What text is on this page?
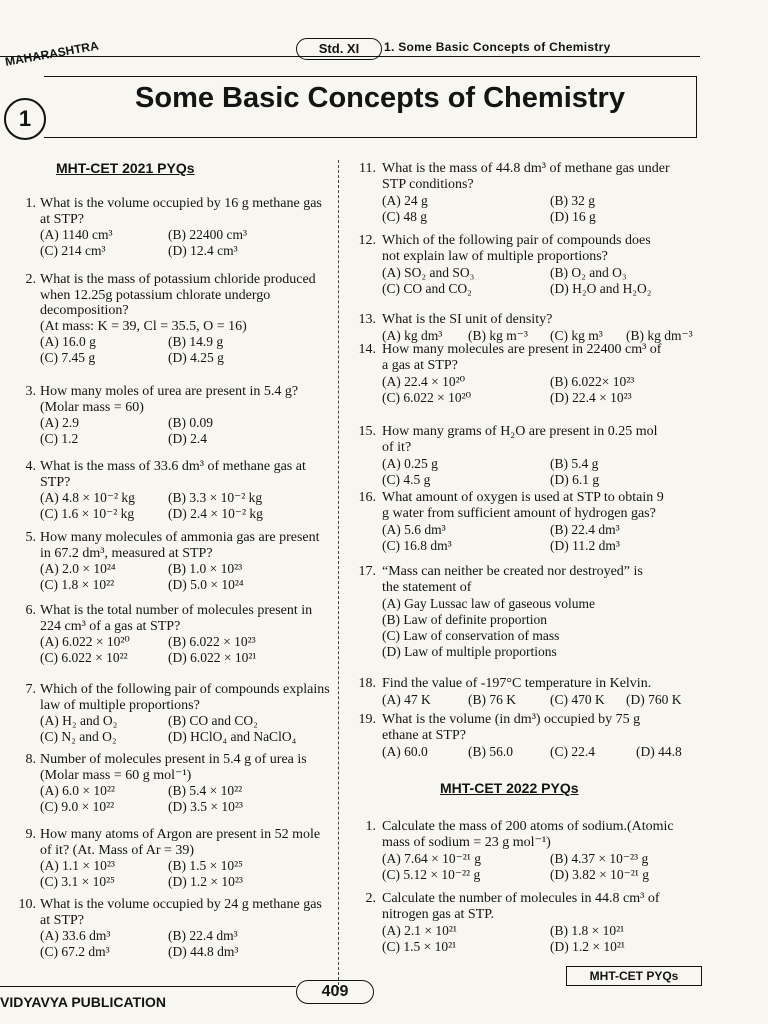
MAHARASHTRA	Std. XI	1. Some Basic Concepts of Chemistry
1
Some Basic Concepts of Chemistry
MHT-CET 2021 PYQs
1. What is the volume occupied by 16 g methane gas
at STP?
(A) 1140 cm³	(B) 22400 cm³
(C) 214 cm³	(D) 12.4 cm³
2. What is the mass of potassium chloride produced
when 12.25g potassium chlorate undergo
decomposition?
(At mass: K = 39, Cl = 35.5, O = 16)
(A) 16.0 g	(B) 14.9 g
(C) 7.45 g	(D) 4.25 g
3. How many moles of urea are present in 5.4 g?
(Molar mass = 60)
(A) 2.9	(B) 0.09
(C) 1.2	(D) 2.4
4. What is the mass of 33.6 dm³ of methane gas at
STP?
(A) 4.8 × 10⁻² kg (B) 3.3 × 10⁻² kg
(C) 1.6 × 10⁻² kg	(D) 2.4 × 10⁻² kg
5. How many molecules of ammonia gas are present
in 67.2 dm³, measured at STP?
(A) 2.0 × 10²⁴	(B) 1.0 × 10²³
(C) 1.8 × 10²²	(D) 5.0 × 10²⁴
6. What is the total number of molecules present in
224 cm³ of a gas at STP?
(A) 6.022 × 10²⁰	(B) 6.022 × 10²³
(C) 6.022 × 10²²	(D) 6.022 × 10²¹
7. Which of the following pair of compounds explains
law of multiple proportions?
(A) H₂ and O₂	(B) CO and CO₂
(C) N₂ and O₂	(D) HClO₄ and NaClO₄
8. Number of molecules present in 5.4 g of urea is
(Molar mass = 60 g mol⁻¹)
(A) 6.0 × 10²²	(B) 5.4 × 10²²
(C) 9.0 × 10²²	(D) 3.5 × 10²³
9. How many atoms of Argon are present in 52 mole
of it? (At. Mass of Ar = 39)
(A) 1.1 × 10²³	(B) 1.5 × 10²⁵
(C) 3.1 × 10²⁵	(D) 1.2 × 10²³
10. What is the volume occupied by 24 g methane gas
at STP?
(A) 33.6 dm³	(B) 22.4 dm³
(C) 67.2 dm³	(D) 44.8 dm³
11. What is the mass of 44.8 dm³ of methane gas under
STP conditions?
(A) 24 g	(B) 32 g
(C) 48 g	(D) 16 g
12. Which of the following pair of compounds does
not explain law of multiple proportions?
(A) SO₂ and SO₃	(B) O₂ and O₃
(C) CO and CO₂	(D) H₂O and H₂O₂
13. What is the SI unit of density?
(A) kg dm³ (B) kg m⁻³ (C) kg m³ (B) kg dm⁻³
14. How many molecules are present in 22400 cm³ of
a gas at STP?
(A) 22.4 × 10²⁰	(B) 6.022× 10²³
(C) 6.022 × 10²⁰	(D) 22.4 × 10²³
15. How many grams of H₂O are present in 0.25 mol
of it?
(A) 0.25 g	(B) 5.4 g
(C) 4.5 g	(D) 6.1 g
16. What amount of oxygen is used at STP to obtain 9
g water from sufficient amount of hydrogen gas?
(A) 5.6 dm³	(B) 22.4 dm³
(C) 16.8 dm³	(D) 11.2 dm³
17. “Mass can neither be created nor destroyed” is
the statement of
(A) Gay Lussac law of gaseous volume
(B) Law of definite proportion
(C) Law of conservation of mass
(D) Law of multiple proportions
18. Find the value of -197°C temperature in Kelvin.
(A) 47 K	(B) 76 K	(C) 470 K (D) 760 K
19. What is the volume (in dm³) occupied by 75 g
ethane at STP?
(A) 60.0	(B) 56.0	(C) 22.4	(D) 44.8
MHT-CET 2022 PYQs
1. Calculate the mass of 200 atoms of sodium.(Atomic
mass of sodium = 23 g mol⁻¹)
(A) 7.64 × 10⁻²¹ g	(B) 4.37 × 10⁻²³ g
(C) 5.12 × 10⁻²² g	(D) 3.82 × 10⁻²¹ g
2. Calculate the number of molecules in 44.8 cm³ of
nitrogen gas at STP.
(A) 2.1 × 10²¹	(B) 1.8 × 10²¹
(C) 1.5 × 10²¹	(D) 1.2 × 10²¹
MHT-CET PYQs
409
VIDYAVYA PUBLICATION
